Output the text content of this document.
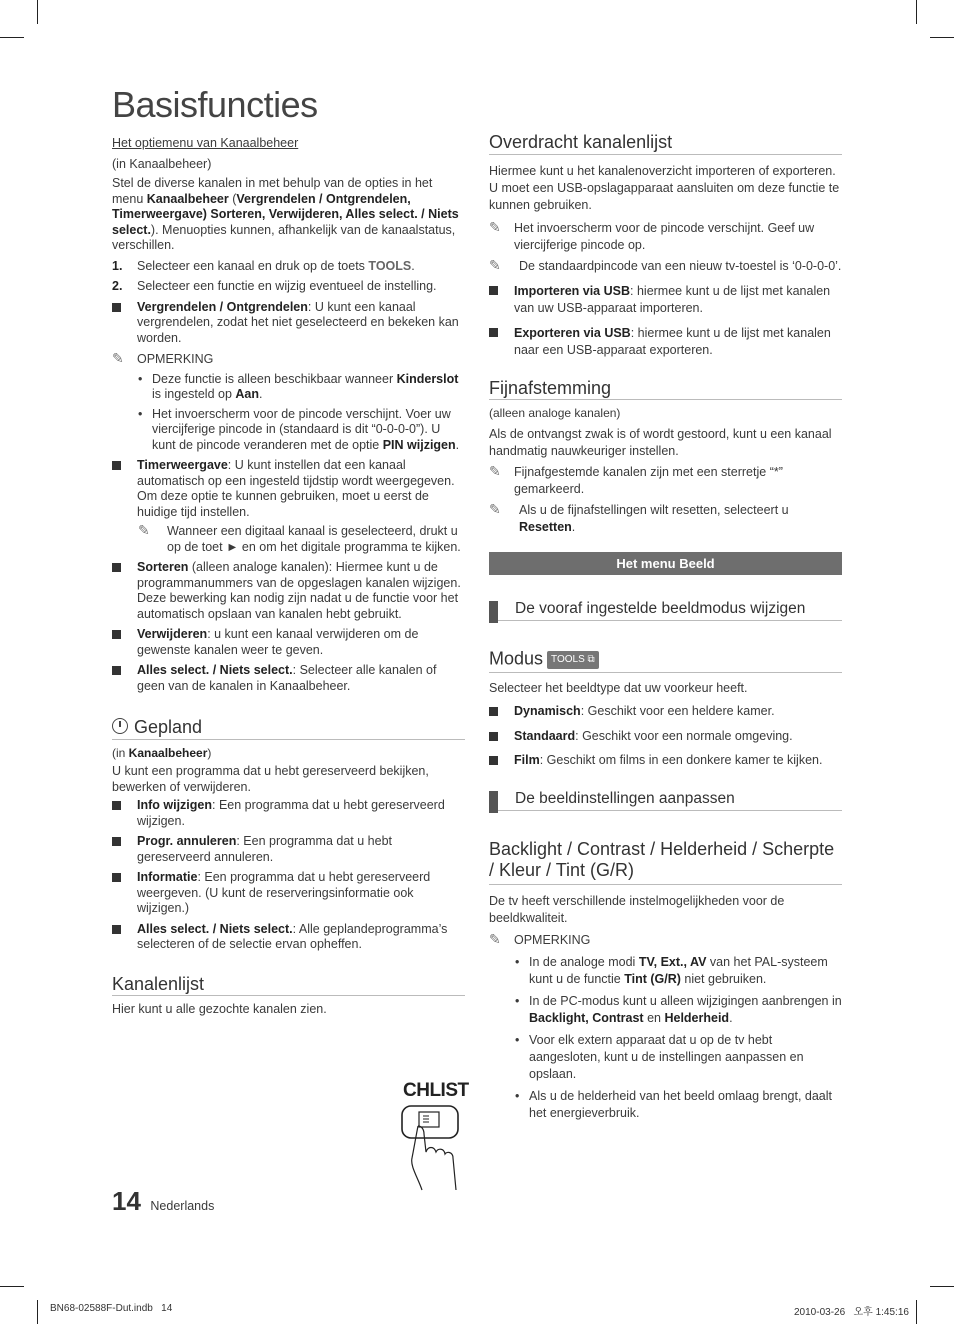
Basisfuncties

Het optiemenu van Kanaalbeheer

(in Kanaalbeheer)

Stel de diverse kanalen in met behulp van de opties in het menu Kanaalbeheer (Vergrendelen / Ontgrendelen, Timerweergave) Sorteren, Verwijderen, Alles select. / Niets select.). Menuopties kunnen, afhankelijk van de kanaalstatus, verschillen.

1. Selecteer een kanaal en druk op de toets TOOLS.
2. Selecteer een functie en wijzig eventueel de instelling.
Vergrendelen / Ontgrendelen: U kunt een kanaal vergrendelen, zodat het niet geselecteerd en bekeken kan worden.
✎ OPMERKING
• Deze functie is alleen beschikbaar wanneer Kinderslot is ingesteld op Aan.
• Het invoerscherm voor de pincode verschijnt. Voer uw viercijferige pincode in (standaard is dit “0-0-0-0”). U kunt de pincode veranderen met de optie PIN wijzigen.
Timerweergave: U kunt instellen dat een kanaal automatisch op een ingesteld tijdstip wordt weergegeven. Om deze optie te kunnen gebruiken, moet u eerst de huidige tijd instellen.
✎ Wanneer een digitaal kanaal is geselecteerd, drukt u op de toet ► en om het digitale programma te kijken.
Sorteren (alleen analoge kanalen): Hiermee kunt u de programmanummers van de opgeslagen kanalen wijzigen. Deze bewerking kan nodig zijn nadat u de functie voor het automatisch opslaan van kanalen hebt gebruikt.
Verwijderen: u kunt een kanaal verwijderen om de gewenste kanalen weer te geven.
Alles select. / Niets select.: Selecteer alle kanalen of geen van de kanalen in Kanaalbeheer.
Gepland

(in Kanaalbeheer)

U kunt een programma dat u hebt gereserveerd bekijken, bewerken of verwijderen.

Info wijzigen: Een programma dat u hebt gereserveerd wijzigen.
Progr. annuleren: Een programma dat u hebt gereserveerd annuleren.
Informatie: Een programma dat u hebt gereserveerd weergeven. (U kunt de reserveringsinformatie ook wijzigen.)
Alles select. / Niets select.: Alle geplandeprogramma’s selecteren of de selectie ervan opheffen.
Kanalenlijst

Hier kunt u alle gezochte kanalen zien.

CHLIST
Overdracht kanalenlijst

Hiermee kunt u het kanalenoverzicht importeren of exporteren. U moet een USB-opslagapparaat aansluiten om deze functie te kunnen gebruiken.

✎ Het invoerscherm voor de pincode verschijnt. Geef uw viercijferige pincode op.
✎ De standaardpincode van een nieuw tv-toestel is ‘0-0-0-0’.
Importeren via USB: hiermee kunt u de lijst met kanalen van uw USB-apparaat importeren.
Exporteren via USB: hiermee kunt u de lijst met kanalen naar een USB-apparaat exporteren.
Fijnafstemming

(alleen analoge kanalen)

Als de ontvangst zwak is of wordt gestoord, kunt u een kanaal handmatig nauwkeuriger instellen.

✎ Fijnafgestemde kanalen zijn met een sterretje “*” gemarkeerd.
✎ Als u de fijnafstellingen wilt resetten, selecteert u Resetten.
Het menu Beeld
De vooraf ingestelde beeldmodus wijzigen
Modus TOOLS ⧉

Selecteer het beeldtype dat uw voorkeur heeft.

Dynamisch: Geschikt voor een heldere kamer.
Standaard: Geschikt voor een normale omgeving.
Film: Geschikt om films in een donkere kamer te kijken.
De beeldinstellingen aanpassen
Backlight / Contrast / Helderheid / Scherpte / Kleur / Tint (G/R)

De tv heeft verschillende instelmogelijkheden voor de beeldkwaliteit.

✎ OPMERKING
• In de analoge modi TV, Ext., AV van het PAL-systeem kunt u de functie Tint (G/R) niet gebruiken.
• In de PC-modus kunt u alleen wijzigingen aanbrengen in Backlight, Contrast en Helderheid.
• Voor elk extern apparaat dat u op de tv hebt aangesloten, kunt u de instellingen aanpassen en opslaan.
• Als u de helderheid van het beeld omlaag brengt, daalt het energieverbruik.
14 Nederlands
BN68-02588F-Dut.indb   14	2010-03-26   오후 1:45:16
